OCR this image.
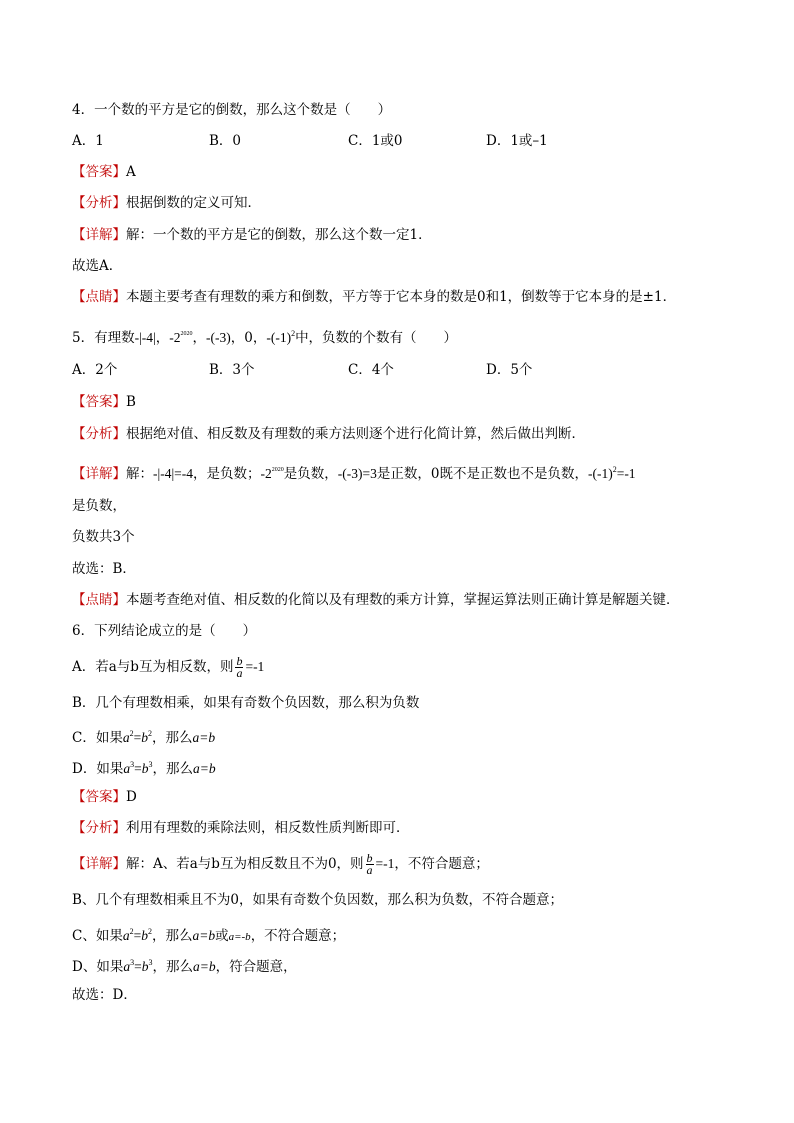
4．一个数的平方是它的倒数，那么这个数是（　　）
A．1	B．0	C．1或0	D．1或–1
【答案】A
【分析】根据倒数的定义可知．
【详解】解：一个数的平方是它的倒数，那么这个数一定1．
故选A．
【点睛】本题主要考查有理数的乘方和倒数，平方等于它本身的数是0和1，倒数等于它本身的是±1．
5．有理数-|-4|，$-2^{2020}$，-(-3)，0，$-(-1)^2$中，负数的个数有（　　）
A．2个	B．3个	C．4个	D．5个
【答案】B
【分析】根据绝对值、相反数及有理数的乘方法则逐个进行化简计算，然后做出判断．
【详解】解：-|-4|=-4，是负数；$-2^{2020}$是负数，-(-3)=3是正数，0既不是正数也不是负数，$-(-1)^2=-1$
是负数，
负数共3个
故选：B．
【点睛】本题考查绝对值、相反数的化简以及有理数的乘方计算，掌握运算法则正确计算是解题关键．
6．下列结论成立的是（　　）
A．若a与b互为相反数，则 $\frac{b}{a} =-1$
B．几个有理数相乘，如果有奇数个负因数，那么积为负数
C．如果$a^2=b^2$，那么a=b
D．如果$a^3=b^3$，那么a=b
【答案】D
【分析】利用有理数的乘除法则，相反数性质判断即可．
【详解】解：A、若a与b互为相反数且不为0，则 $\frac{b}{a} =-1$，不符合题意；
B、几个有理数相乘且不为0，如果有奇数个负因数，那么积为负数，不符合题意；
C、如果$a^2=b^2$，那么a=b或a=-b，不符合题意；
D、如果$a^3=b^3$，那么a=b，符合题意，
故选：D．
